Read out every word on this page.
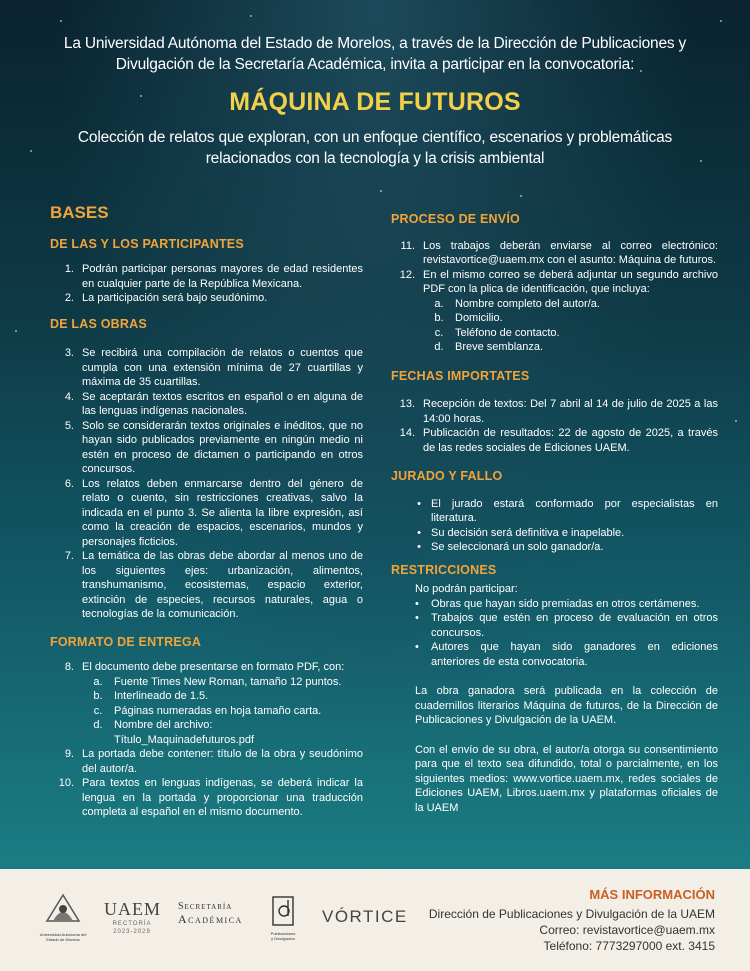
La Universidad Autónoma del Estado de Morelos, a través de la Dirección de Publicaciones y Divulgación de la Secretaría Académica, invita a participar en la convocatoria:
MÁQUINA DE FUTUROS
Colección de relatos que exploran, con un enfoque científico, escenarios y problemáticas relacionados con la tecnología y la crisis ambiental
BASES
DE LAS Y LOS PARTICIPANTES
1. Podrán participar personas mayores de edad residentes en cualquier parte de la República Mexicana.
2. La participación será bajo seudónimo.
DE LAS OBRAS
3. Se recibirá una compilación de relatos o cuentos que cumpla con una extensión mínima de 27 cuartillas y máxima de 35 cuartillas.
4. Se aceptarán textos escritos en español o en alguna de las lenguas indígenas nacionales.
5. Solo se considerarán textos originales e inéditos, que no hayan sido publicados previamente en ningún medio ni estén en proceso de dictamen o participando en otros concursos.
6. Los relatos deben enmarcarse dentro del género de relato o cuento, sin restricciones creativas, salvo la indicada en el punto 3. Se alienta la libre expresión, así como la creación de espacios, escenarios, mundos y personajes ficticios.
7. La temática de las obras debe abordar al menos uno de los siguientes ejes: urbanización, alimentos, transhumanismo, ecosistemas, espacio exterior, extinción de especies, recursos naturales, agua o tecnologías de la comunicación.
FORMATO DE ENTREGA
8. El documento debe presentarse en formato PDF, con:
a.	Fuente Times New Roman, tamaño 12 puntos.
b.	Interlineado de 1.5.
c.	Páginas numeradas en hoja tamaño carta.
d.	Nombre del archivo: Título_Maquinadefuturos.pdf
9. La portada debe contener: título de la obra y seudónimo del autor/a.
10. Para textos en lenguas indígenas, se deberá indicar la lengua en la portada y proporcionar una traducción completa al español en el mismo documento.
PROCESO DE ENVÍO
11. Los trabajos deberán enviarse al correo electrónico: revistavortice@uaem.mx con el asunto: Máquina de futuros.
12. En el mismo correo se deberá adjuntar un segundo archivo PDF con la plica de identificación, que incluya:
a.	Nombre completo del autor/a.
b.	Domicilio.
c.	Teléfono de contacto.
d.	Breve semblanza.
FECHAS IMPORTATES
13. Recepción de textos: Del 7 abril al 14 de julio de 2025 a las 14:00 horas.
14. Publicación de resultados: 22 de agosto de 2025, a través de las redes sociales de Ediciones UAEM.
JURADO Y FALLO
• El jurado estará conformado por especialistas en literatura.
• Su decisión será definitiva e inapelable.
• Se seleccionará un solo ganador/a.
RESTRICCIONES
No podrán participar:
•	Obras que hayan sido premiadas en otros certámenes.
•	Trabajos que estén en proceso de evaluación en otros concursos.
•	Autores que hayan sido ganadores en ediciones anteriores de esta convocatoria.

La obra ganadora será publicada en la colección de cuadernillos literarios Máquina de futuros, de la Dirección de Publicaciones y Divulgación de la UAEM.

Con el envío de su obra, el autor/a otorga su consentimiento para que el texto sea difundido, total o parcialmente, en los siguientes medios: www.vortice.uaem.mx, redes sociales de Ediciones UAEM, Libros.uaem.mx y plataformas oficiales de la UAEM

Universidad Autónoma del
Estado de Morelos
UAEM
RECTORÍA
2023-2029
Secretaría
Académica
Publicaciones
y Divulgación
VÓRTICE
MÁS INFORMACIÓN
Dirección de Publicaciones y Divulgación de la UAEM
Correo: revistavortice@uaem.mx
Teléfono: 7773297000 ext. 3415
